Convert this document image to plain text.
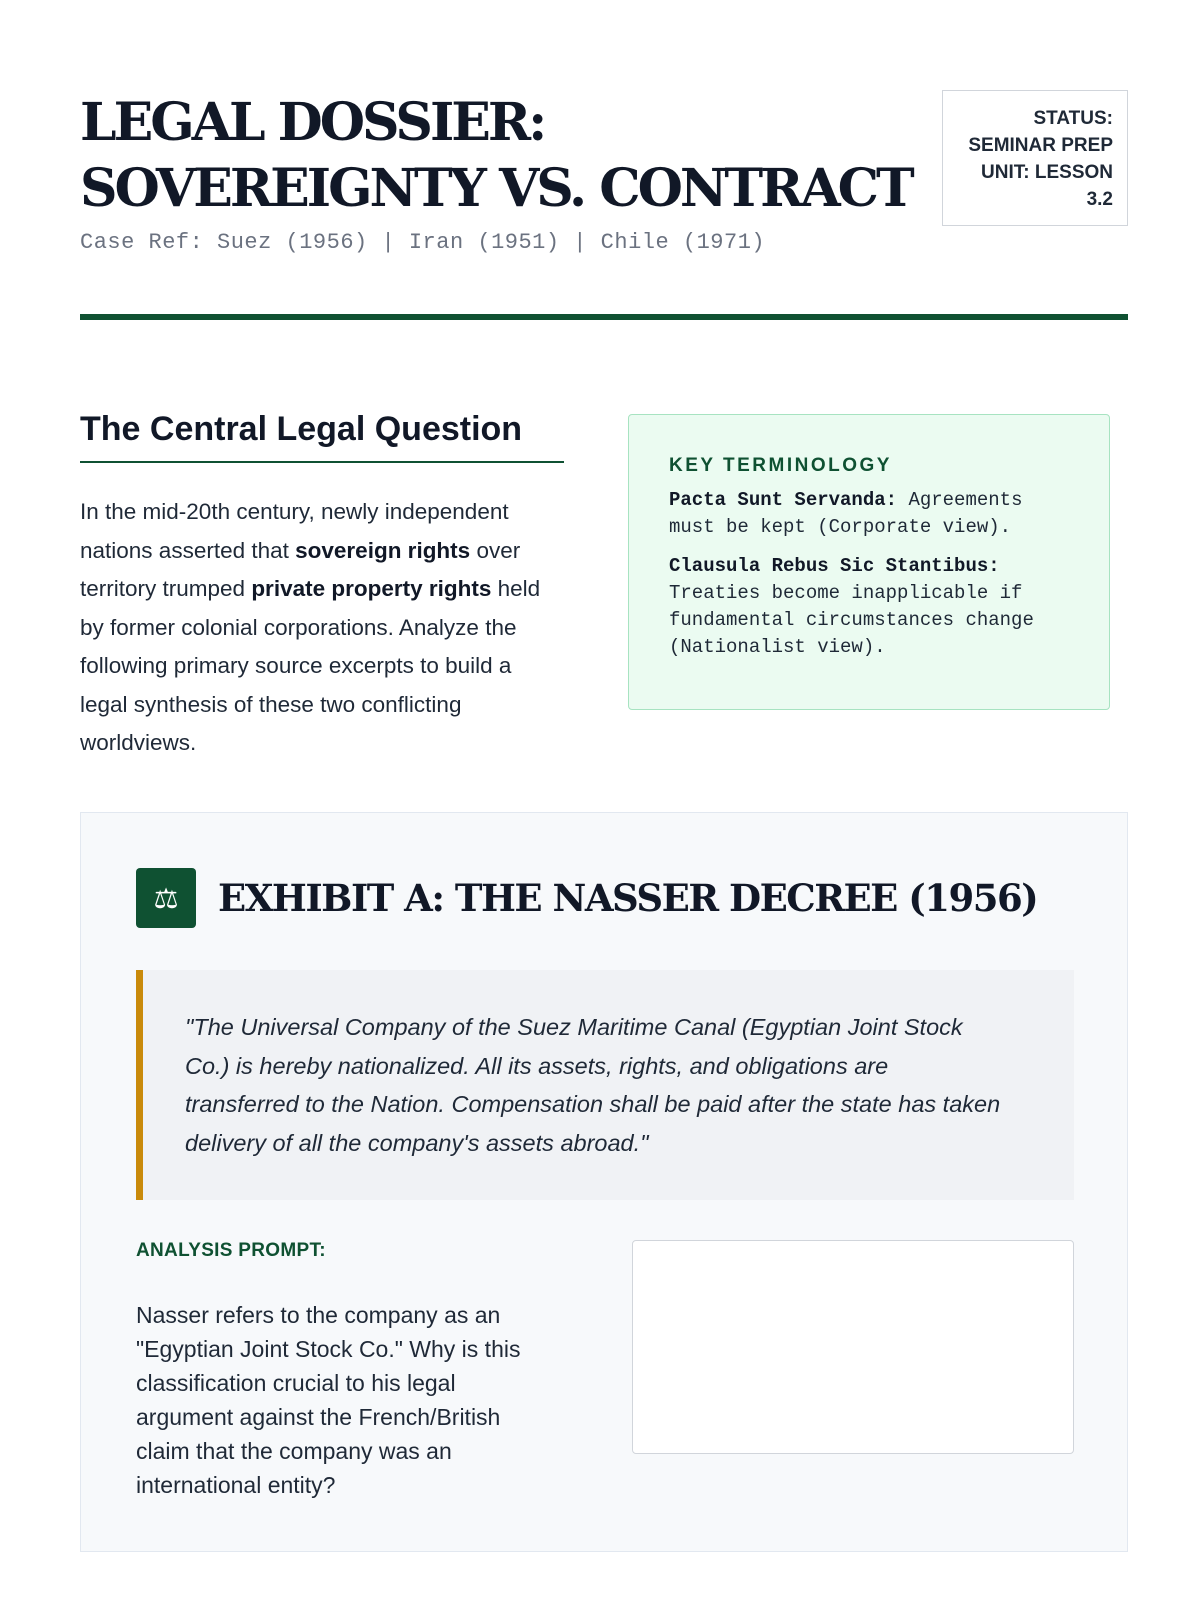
LEGAL DOSSIER: SOVEREIGNTY VS. CONTRACT
Case Ref: Suez (1956) | Iran (1951) | Chile (1971)
STATUS:
SEMINAR PREP
UNIT: LESSON
3.2
The Central Legal Question

In the mid-20th century, newly independent nations asserted that sovereign rights over territory trumped private property rights held by former colonial corporations. Analyze the following primary source excerpts to build a legal synthesis of these two conflicting worldviews.

KEY TERMINOLOGY
Pacta Sunt Servanda: Agreements must be kept (Corporate view).
Clausula Rebus Sic Stantibus: Treaties become inapplicable if fundamental circumstances change (Nationalist view).
⚖	EXHIBIT A: THE NASSER DECREE (1956)
"The Universal Company of the Suez Maritime Canal (Egyptian Joint Stock Co.) is hereby nationalized. All its assets, rights, and obligations are transferred to the Nation. Compensation shall be paid after the state has taken delivery of all the company's assets abroad."
ANALYSIS PROMPT:
Nasser refers to the company as an "Egyptian Joint Stock Co." Why is this classification crucial to his legal argument against the French/British claim that the company was an international entity?
